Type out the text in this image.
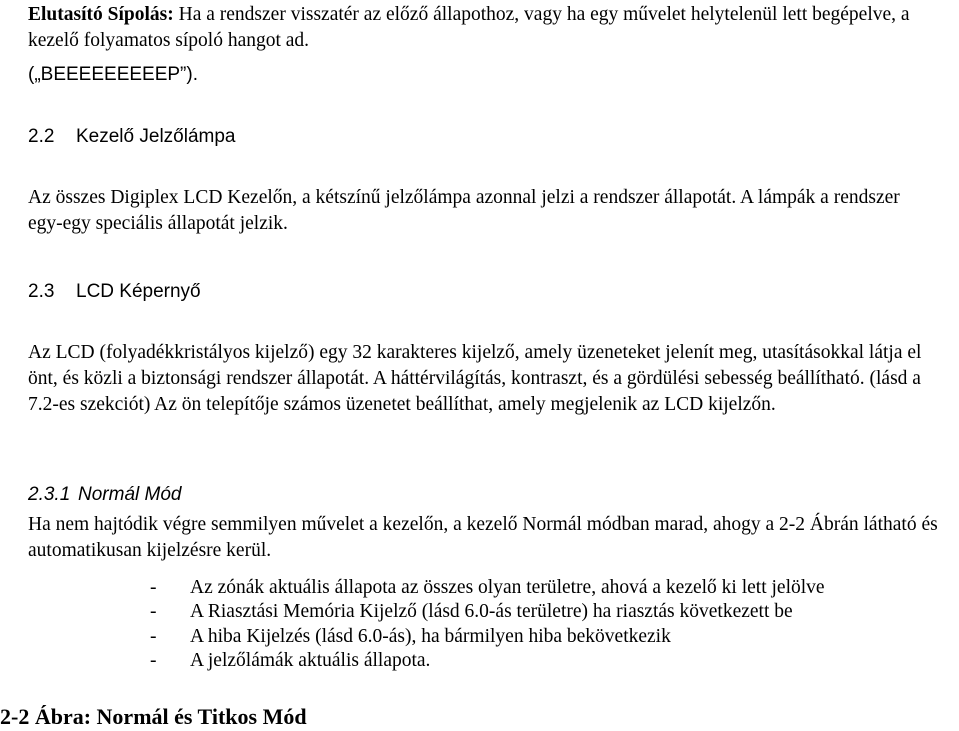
Elutasító Sípolás: Ha a rendszer visszatér az előző állapothoz, vagy ha egy művelet helytelenül lett begépelve, a kezelő folyamatos sípoló hangot ad.
(„BEEEEEEEEEP”).
2.2 Kezelő Jelzőlámpa
Az összes Digiplex LCD Kezelőn, a kétszínű jelzőlámpa azonnal jelzi a rendszer állapotát. A lámpák a rendszer egy-egy speciális állapotát jelzik.
2.3 LCD Képernyő
Az LCD (folyadékkristályos kijelző) egy 32 karakteres kijelző, amely üzeneteket jelenít meg, utasításokkal látja el önt, és közli a biztonsági rendszer állapotát. A háttérvilágítás, kontraszt, és a gördülési sebesség beállítható. (lásd a 7.2-es szekciót) Az ön telepítője számos üzenetet beállíthat, amely megjelenik az LCD kijelzőn.
2.3.1 Normál Mód
Ha nem hajtódik végre semmilyen művelet a kezelőn, a kezelő Normál módban marad, ahogy a 2-2 Ábrán látható és automatikusan kijelzésre kerül.
- Az zónák aktuális állapota az összes olyan területre, ahová a kezelő ki lett jelölve
- A Riasztási Memória Kijelző (lásd 6.0-ás területre) ha riasztás következett be
- A hiba Kijelzés (lásd 6.0-ás), ha bármilyen hiba bekövetkezik
- A jelzőlámák aktuális állapota.
2-2 Ábra: Normál és Titkos Mód
